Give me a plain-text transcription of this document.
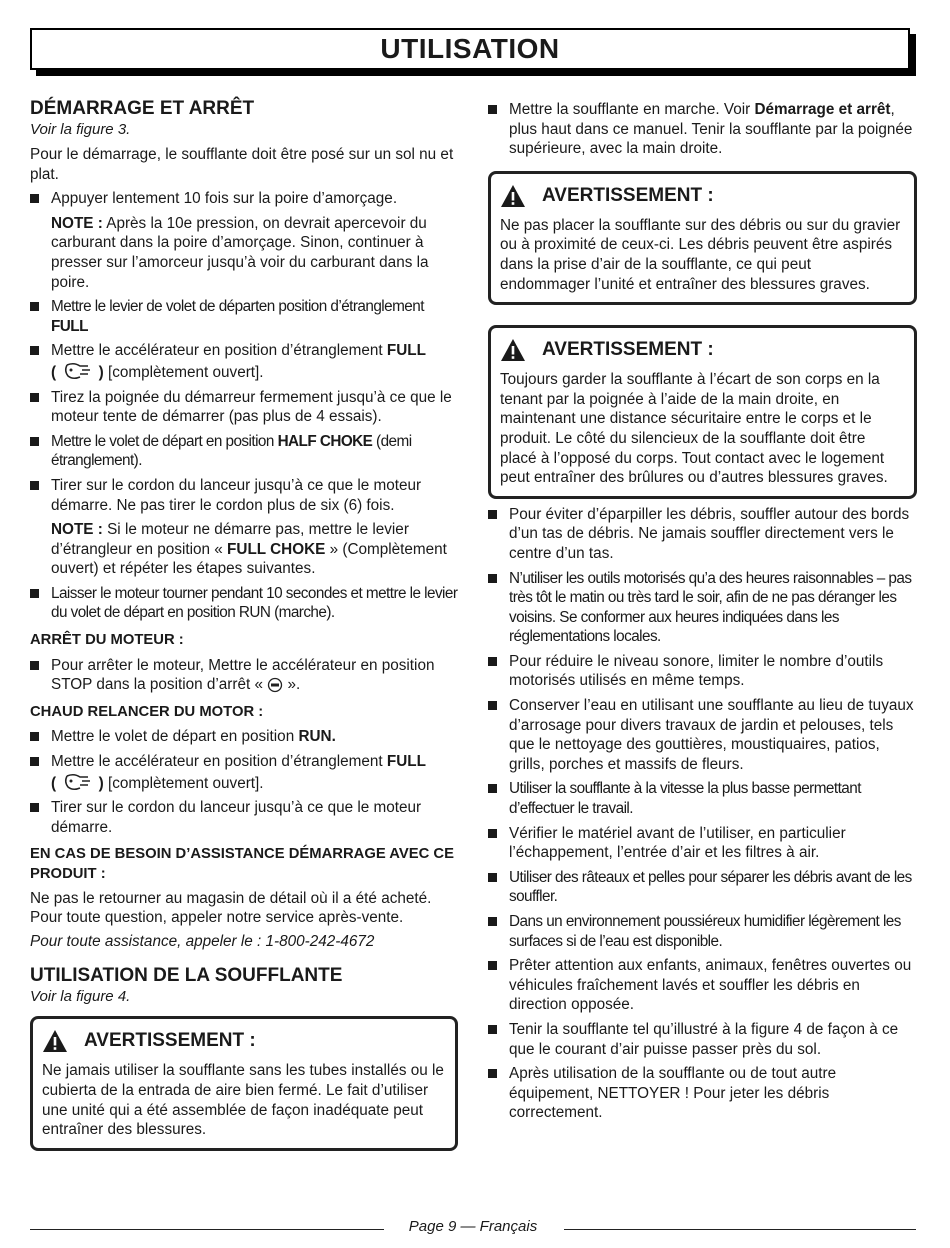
UTILISATION
DÉMARRAGE ET ARRÊT
Voir la figure 3.

Pour le démarrage, le soufflante doit être posé sur un sol nu et plat.

Appuyer lentement 10 fois sur la poire d’amorçage.
NOTE : Après la 10e pression, on devrait apercevoir du carburant dans la poire d’amorçage. Sinon, continuer à presser sur l’amorceur jusqu’à voir du carburant dans la poire.
Mettre le levier de volet de départen position d’étranglement FULL
Mettre le accélérateur en position d’étranglement FULL
(	) [complètement ouvert].
Tirez la poignée du démarreur fermement jusqu’à ce que le moteur tente de démarrer (pas plus de 4 essais).
Mettre le volet de départ en position HALF CHOKE (demi étranglement).
Tirer sur le cordon du lanceur jusqu’à ce que le moteur démarre. Ne pas tirer le cordon plus de six (6) fois.
NOTE : Si le moteur ne démarre pas, mettre le levier d’étrangleur en position « FULL CHOKE » (Complètement ouvert) et répéter les étapes suivantes.
Laisser le moteur tourner pendant 10 secondes et mettre le levier du volet de départ en position RUN (marche).
ARRÊT DU MOTEUR :
Pour arrêter le moteur, Mettre le accélérateur en position STOP dans la position d’arrêt «  ».
CHAUD RELANCER DU MOTOR :
Mettre le volet de départ en position RUN.
Mettre le accélérateur en position d’étranglement FULL
(	) [complètement ouvert].
Tirer sur le cordon du lanceur jusqu’à ce que le moteur démarre.
EN CAS DE BESOIN D’ASSISTANCE DÉMARRAGE AVEC CE PRODUIT :

Ne pas le retourner au magasin de détail où il a été acheté. Pour toute question, appeler notre service après-vente.

Pour toute assistance, appeler le : 1-800-242-4672

UTILISATION DE LA SOUFFLANTE
Voir la figure 4.
AVERTISSEMENT :

Ne jamais utiliser la soufflante sans les tubes installés ou le cubierta de la entrada de aire bien fermé. Le fait d’utiliser une unité qui a été assemblée de façon inadéquate peut entraîner des blessures.

Mettre la soufflante en marche. Voir Démarrage et arrêt, plus haut dans ce manuel. Tenir la soufflante par la poignée supérieure, avec la main droite.
AVERTISSEMENT :

Ne pas placer la soufflante sur des débris ou sur du gravier ou à proximité de ceux-ci. Les débris peuvent être aspirés dans la prise d’air de la soufflante, ce qui peut endommager l’unité et entraîner des blessures graves.

AVERTISSEMENT :

Toujours garder la soufflante à l’écart de son corps en la tenant par la poignée à l’aide de la main droite, en maintenant une distance sécuritaire entre le corps et le produit. Le côté du silencieux de la soufflante doit être placé à l’opposé du corps. Tout contact avec le logement peut entraîner des brûlures ou d’autres blessures graves.

Pour éviter d’éparpiller les débris, souffler autour des bords d’un tas de débris. Ne jamais souffler directement vers le centre d’un tas.
N’utiliser les outils motorisés qu’a des heures raisonnables – pas très tôt le matin ou très tard le soir, afin de ne pas déranger les voisins. Se conformer aux heures indiquées dans les réglementations locales.
Pour réduire le niveau sonore, limiter le nombre d’outils motorisés utilisés en même temps.
Conserver l’eau en utilisant une soufflante au lieu de tuyaux d’arrosage pour divers travaux de jardin et pelouses, tels que le nettoyage des gouttières, moustiquaires, patios, grills, porches et massifs de fleurs.
Utiliser la soufflante à la vitesse la plus basse permettant d’effectuer le travail.
Vérifier le matériel avant de l’utiliser, en particulier l’échappement, l’entrée d’air et les filtres à air.
Utiliser des râteaux et pelles pour séparer les débris avant de les souffler.
Dans un environnement poussiéreux humidifier légèrement les surfaces si de l’eau est disponible.
Prêter attention aux enfants, animaux, fenêtres ouvertes ou véhicules fraîchement lavés et souffler les débris en direction opposée.
Tenir la soufflante tel qu’illustré à la figure 4 de façon à ce que le courant d’air puisse passer près du sol.
Après utilisation de la soufflante ou de tout autre équipement, NETTOYER ! Pour jeter les débris correctement.
Page 9 — Français
